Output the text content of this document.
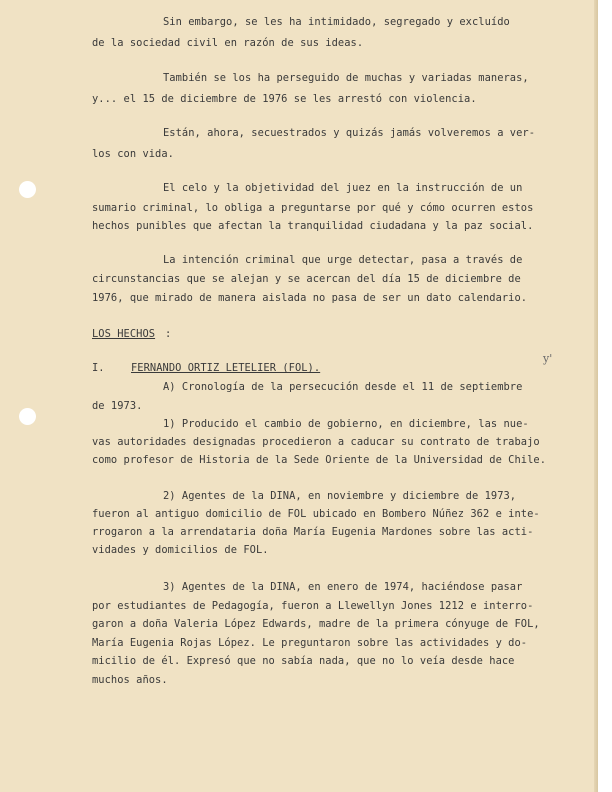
Sin embargo, se les ha intimidado, segregado y excluído
de la sociedad civil en razón de sus ideas.
También se los ha perseguido de muchas y variadas maneras,
y... el 15 de diciembre de 1976 se les arrestó con violencia.
Están, ahora, secuestrados y quizás jamás volveremos a ver-
los con vida.
El celo y la objetividad del juez en la instrucción de un
sumario criminal, lo obliga a preguntarse por qué y cómo ocurren estos
hechos punibles que afectan la tranquilidad ciudadana y la paz social.
La intención criminal que urge detectar, pasa a través de
circunstancias que se alejan y se acercan del día 15 de diciembre de
1976, que mirado de manera aislada no pasa de ser un dato calendario.
LOS HECHOS :
I.	FERNANDO ORTIZ LETELIER (FOL).
A) Cronología de la persecución desde el 11 de septiembre
de 1973.
1) Producido el cambio de gobierno, en diciembre, las nue-
vas autoridades designadas procedieron a caducar su contrato de trabajo
como profesor de Historia de la Sede Oriente de la Universidad de Chile.
2) Agentes de la DINA, en noviembre y diciembre de 1973,
fueron al antiguo domicilio de FOL ubicado en Bombero Núñez 362 e inte-
rrogaron a la arrendataria doña María Eugenia Mardones sobre las acti-
vidades y domicilios de FOL.
3) Agentes de la DINA, en enero de 1974, haciéndose pasar
por estudiantes de Pedagogía, fueron a Llewellyn Jones 1212 e interro-
garon a doña Valeria López Edwards, madre de la primera cónyuge de FOL,
María Eugenia Rojas López. Le preguntaron sobre las actividades y do-
micilio de él. Expresó que no sabía nada, que no lo veía desde hace
muchos años.
y'
